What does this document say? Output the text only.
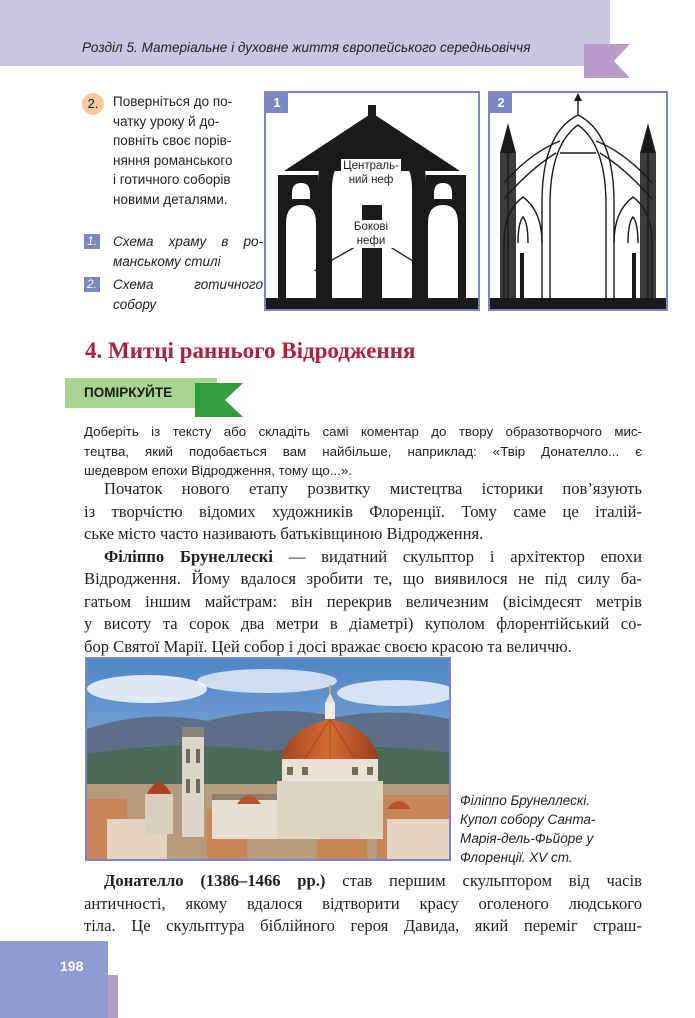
Розділ 5. Матеріальне і духовне життя європейського середньовіччя
2.	Поверніться до по-
чатку уроку й до-
повніть своє порів-
няння романського
і готичного соборів
новими деталями.
1. Схема храму в ро-
манському стилі
2. Схема	готичного
собору
1
Централь-
ний неф
Бокові
нефи
2
4. Митці раннього Відродження
ПОМІРКУЙТЕ
Доберіть із тексту або складіть самі коментар до твору образотворчого мис-
тецтва, який подобається вам найбільше, наприклад: «Твір Донателло... є
шедевром епохи Відродження, тому що...».
Початок нового етапу розвитку мистецтва історики пов’язують
із творчістю відомих художників Флоренції. Тому саме це італій-
ське місто часто називають батьківщиною Відродження.
Філіппо Брунеллескі — видатний скульптор і архітектор епохи
Відродження. Йому вдалося зробити те, що виявилося не під силу ба-
гатьом іншим майстрам: він перекрив величезним (вісімдесят метрів
у висоту та сорок два метри в діаметрі) куполом флорентійський со-
бор Святої Марії. Цей собор і досі вражає своєю красою та величчю.
Філіппо Брунеллескі.
Купол собору Санта-
Марія-дель-Фьйоре у
Флоренції. XV ст.
Донателло (1386–1466 рр.) став першим скульптором від часів
античності, якому вдалося відтворити красу оголеного людського
тіла. Це скульптура біблійного героя Давида, який переміг страш-
198
